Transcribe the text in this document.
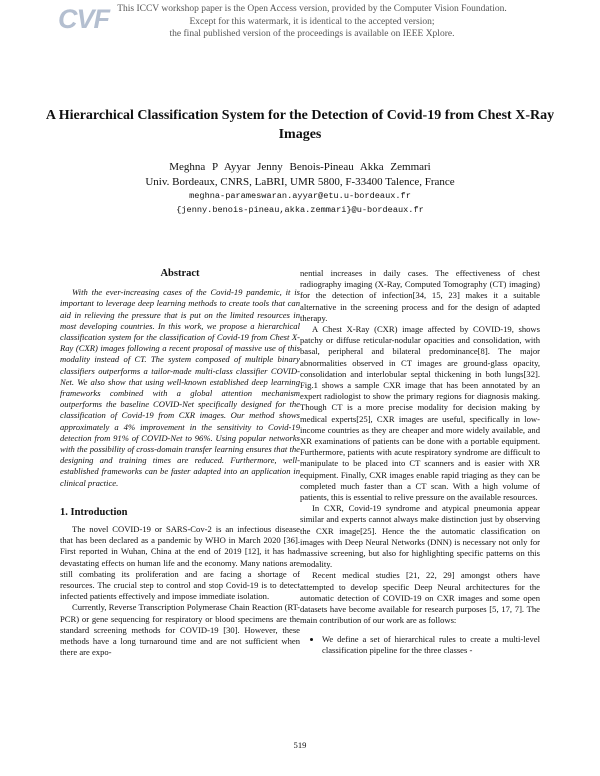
CVF This ICCV workshop paper is the Open Access version, provided by the Computer Vision Foundation.
Except for this watermark, it is identical to the accepted version;
the final published version of the proceedings is available on IEEE Xplore.
A Hierarchical Classification System for the Detection of Covid-19 from Chest X-Ray Images
Meghna P Ayyar Jenny Benois-Pineau Akka Zemmari
Univ. Bordeaux, CNRS, LaBRI, UMR 5800, F-33400 Talence, France
meghna-parameswaran.ayyar@etu.u-bordeaux.fr
{jenny.benois-pineau,akka.zemmari}@u-bordeaux.fr
Abstract

With the ever-increasing cases of the Covid-19 pandemic, it is important to leverage deep learning methods to create tools that can aid in relieving the pressure that is put on the limited resources in most developing countries. In this work, we propose a hierarchical classification system for the classification of Covid-19 from Chest X-Ray (CXR) images following a recent proposal of massive use of this modality instead of CT. The system composed of multiple binary classifiers outperforms a tailor-made multi-class classifier COVID-Net. We also show that using well-known established deep learning frameworks combined with a global attention mechanism outperforms the baseline COVID-Net specifically designed for the classification of Covid-19 from CXR images. Our method shows approximately a 4% improvement in the sensitivity to Covid-19 detection from 91% of COVID-Net to 96%. Using popular networks with the possibility of cross-domain transfer learning ensures that the designing and training times are reduced. Furthermore, well-established frameworks can be faster adapted into an application in clinical practice.

1. Introduction

The novel COVID-19 or SARS-Cov-2 is an infectious disease that has been declared as a pandemic by WHO in March 2020 [36]. First reported in Wuhan, China at the end of 2019 [12], it has had devastating effects on human life and the economy. Many nations are still combating its proliferation and are facing a shortage of resources. The crucial step to control and stop Covid-19 is to detect infected patients effectively and impose immediate isolation.

Currently, Reverse Transcription Polymerase Chain Reaction (RT-PCR) or gene sequencing for respiratory or blood specimens are the standard screening methods for COVID-19 [30]. However, these methods have a long turnaround time and are not sufficient when there are expo-

nential increases in daily cases. The effectiveness of chest radiography imaging (X-Ray, Computed Tomography (CT) imaging) for the detection of infection[34, 15, 23] makes it a suitable alternative in the screening process and for the design of adapted therapy.

A Chest X-Ray (CXR) image affected by COVID-19, shows patchy or diffuse reticular-nodular opacities and consolidation, with basal, peripheral and bilateral predominance[8]. The major abnormalities observed in CT images are ground-glass opacity, consolidation and interlobular septal thickening in both lungs[32]. Fig.1 shows a sample CXR image that has been annotated by an expert radiologist to show the primary regions for diagnosis making. Though CT is a more precise modality for decision making by medical experts[25], CXR images are useful, specifically in low-income countries as they are cheaper and more widely available, and XR examinations of patients can be done with a portable equipment. Furthermore, patients with acute respiratory syndrome are difficult to manipulate to be placed into CT scanners and is easier with XR equipment. Finally, CXR images enable rapid triaging as they can be completed much faster than a CT scan. With a high volume of patients, this is essential to relive pressure on the available resources.

In CXR, Covid-19 syndrome and atypical pneumonia appear similar and experts cannot always make distinction just by observing the CXR image[25]. Hence the the automatic classification on images with Deep Neural Networks (DNN) is necessary not only for massive screening, but also for highlighting specific patterns on this modality.

Recent medical studies [21, 22, 29] amongst others have attempted to develop specific Deep Neural architectures for the automatic detection of COVID-19 on CXR images and some open datasets have become available for research purposes [5, 17, 7]. The main contribution of our work are as follows:

• We define a set of hierarchical rules to create a multi-level classification pipeline for the three classes -
519
